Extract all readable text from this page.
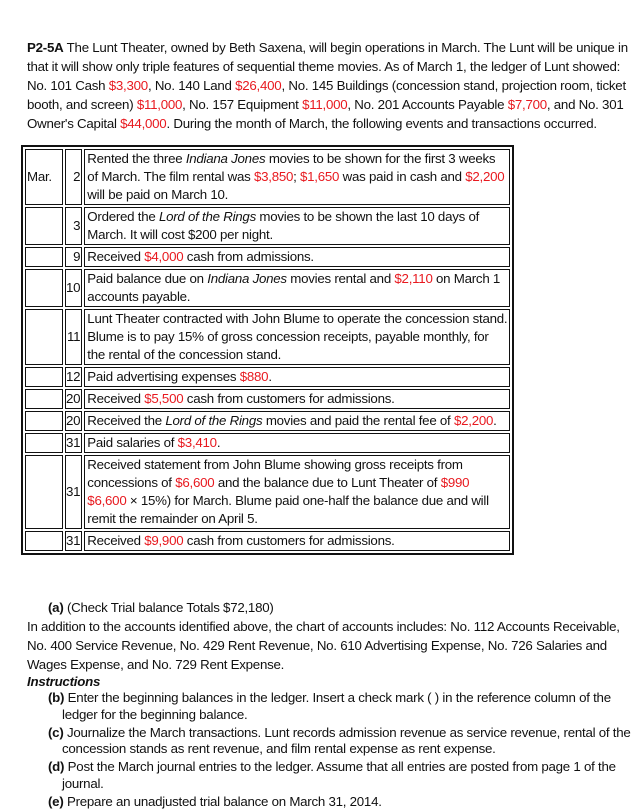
P2-5A The Lunt Theater, owned by Beth Saxena, will begin operations in March. The Lunt will be unique in that it will show only triple features of sequential theme movies. As of March 1, the ledger of Lunt showed: No. 101 Cash $3,300, No. 140 Land $26,400, No. 145 Buildings (concession stand, projection room, ticket booth, and screen) $11,000, No. 157 Equipment $11,000, No. 201 Accounts Payable $7,700, and No. 301 Owner's Capital $44,000. During the month of March, the following events and transactions occurred.
Mar.	2	Rented the three Indiana Jones movies to be shown for the first 3 weeks of March. The film rental was $3,850; $1,650 was paid in cash and $2,200 will be paid on March 10.
	3	Ordered the Lord of the Rings movies to be shown the last 10 days of March. It will cost $200 per night.
	9	Received $4,000 cash from admissions.
	10	Paid balance due on Indiana Jones movies rental and $2,110 on March 1 accounts payable.
	11	Lunt Theater contracted with John Blume to operate the concession stand. Blume is to pay 15% of gross concession receipts, payable monthly, for the rental of the concession stand.
	12	Paid advertising expenses $880.
	20	Received $5,500 cash from customers for admissions.
	20	Received the Lord of the Rings movies and paid the rental fee of $2,200.
	31	Paid salaries of $3,410.
	31	Received statement from John Blume showing gross receipts from concessions of $6,600 and the balance due to Lunt Theater of $990 $6,600 × 15%) for March. Blume paid one-half the balance due and will remit the remainder on April 5.
	31	Received $9,900 cash from customers for admissions.
(a) (Check Trial balance Totals $72,180)
In addition to the accounts identified above, the chart of accounts includes: No. 112 Accounts Receivable, No. 400 Service Revenue, No. 429 Rent Revenue, No. 610 Advertising Expense, No. 726 Salaries and Wages Expense, and No. 729 Rent Expense.
Instructions
(b) Enter the beginning balances in the ledger. Insert a check mark ( ) in the reference column of the ledger for the beginning balance.
(c) Journalize the March transactions. Lunt records admission revenue as service revenue, rental of the concession stands as rent revenue, and film rental expense as rent expense.
(d) Post the March journal entries to the ledger. Assume that all entries are posted from page 1 of the journal.
(e) Prepare an unadjusted trial balance on March 31, 2014.
